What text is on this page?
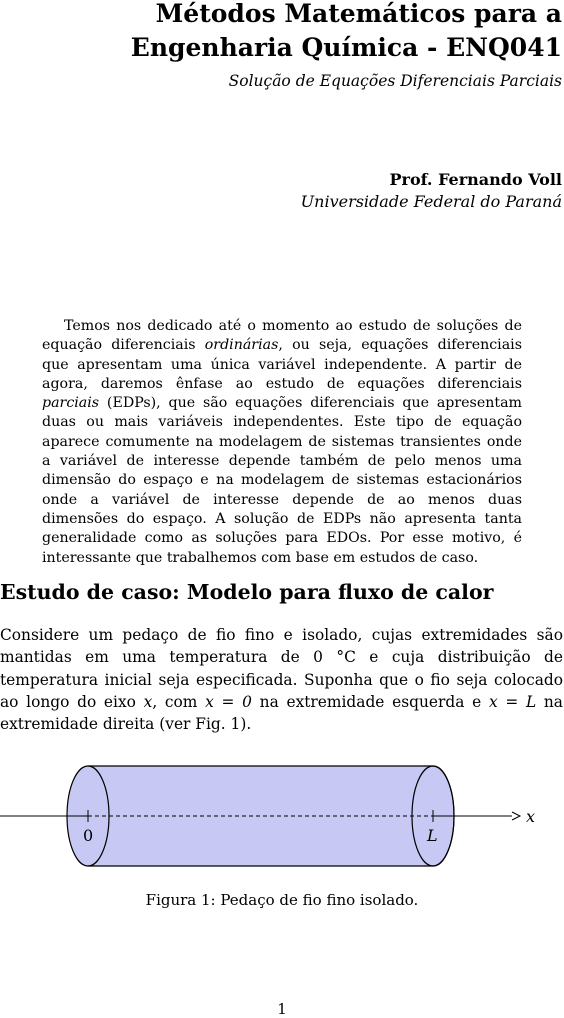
Métodos Matemáticos para a
Engenharia Química - ENQ041
Solução de Equações Diferenciais Parciais
Prof. Fernando Voll
Universidade Federal do Paraná

Temos nos dedicado até o momento ao estudo de soluções de equação diferenciais ordinárias, ou seja, equações diferenciais que apresentam uma única variável independente. A partir de agora, daremos ênfase ao estudo de equações diferenciais parciais (EDPs), que são equações diferenciais que apresentam duas ou mais variáveis independentes. Este tipo de equação aparece comumente na modelagem de sistemas transientes onde a variável de interesse depende também de pelo menos uma dimensão do espaço e na modelagem de sistemas estacionários onde a variável de interesse depende de ao menos duas dimensões do espaço. A solução de EDPs não apresenta tanta generalidade como as soluções para EDOs. Por esse motivo, é interessante que trabalhemos com base em estudos de caso.

Estudo de caso: Modelo para fluxo de calor

Considere um pedaço de fio fino e isolado, cujas extremidades são mantidas em uma temperatura de 0 °C e cuja distribuição de temperatura inicial seja especificada. Suponha que o fio seja colocado ao longo do eixo x, com x = 0 na extremidade esquerda e x = L na extremidade direita (ver Fig. 1).

x
0	L
Figura 1: Pedaço de fio fino isolado.
1
